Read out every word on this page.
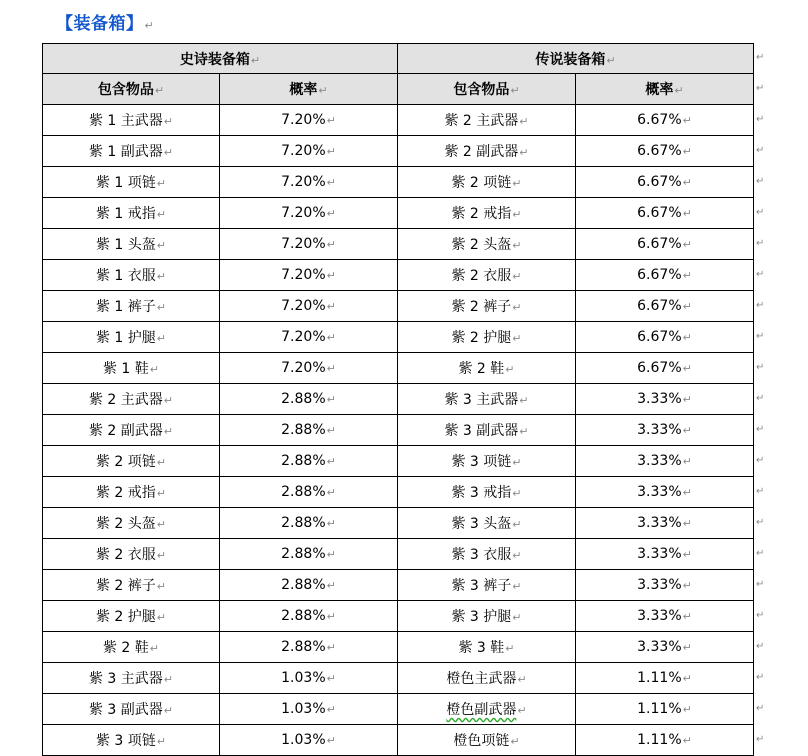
【装备箱】↵
史诗装备箱↵		传说装备箱↵	
包含物品↵	概率↵	包含物品↵	概率↵
紫 1 主武器↵	7.20%↵	紫 2 主武器↵	6.67%↵
紫 1 副武器↵	7.20%↵	紫 2 副武器↵	6.67%↵
紫 1 项链↵	7.20%↵	紫 2 项链↵	6.67%↵
紫 1 戒指↵	7.20%↵	紫 2 戒指↵	6.67%↵
紫 1 头盔↵	7.20%↵	紫 2 头盔↵	6.67%↵
紫 1 衣服↵	7.20%↵	紫 2 衣服↵	6.67%↵
紫 1 裤子↵	7.20%↵	紫 2 裤子↵	6.67%↵
紫 1 护腿↵	7.20%↵	紫 2 护腿↵	6.67%↵
紫 1 鞋↵	7.20%↵	紫 2 鞋↵	6.67%↵
紫 2 主武器↵	2.88%↵	紫 3 主武器↵	3.33%↵
紫 2 副武器↵	2.88%↵	紫 3 副武器↵	3.33%↵
紫 2 项链↵	2.88%↵	紫 3 项链↵	3.33%↵
紫 2 戒指↵	2.88%↵	紫 3 戒指↵	3.33%↵
紫 2 头盔↵	2.88%↵	紫 3 头盔↵	3.33%↵
紫 2 衣服↵	2.88%↵	紫 3 衣服↵	3.33%↵
紫 2 裤子↵	2.88%↵	紫 3 裤子↵	3.33%↵
紫 2 护腿↵	2.88%↵	紫 3 护腿↵	3.33%↵
紫 2 鞋↵	2.88%↵	紫 3 鞋↵	3.33%↵
紫 3 主武器↵	1.03%↵	橙色主武器↵	1.11%↵
紫 3 副武器↵	1.03%↵	橙色副武器↵	1.11%↵
紫 3 项链↵	1.03%↵	橙色项链↵	1.11%↵
↵
↵
↵
↵
↵
↵
↵
↵
↵
↵
↵
↵
↵
↵
↵
↵
↵
↵
↵
↵
↵
↵
↵
